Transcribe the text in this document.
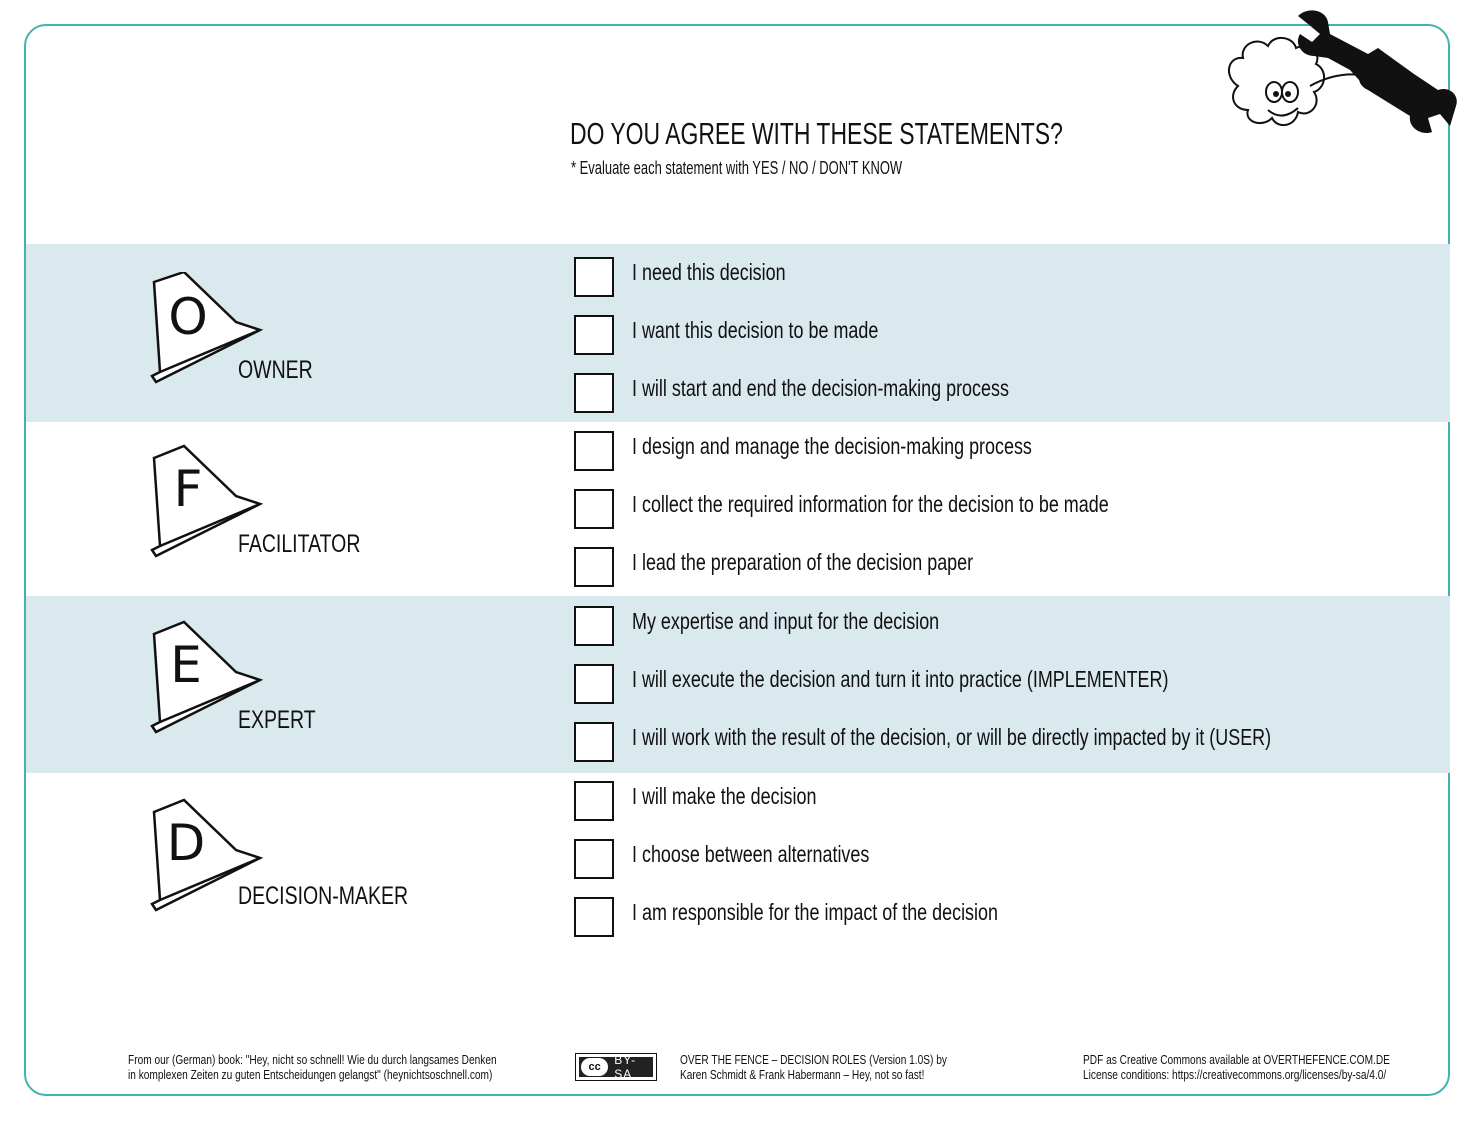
DO YOU AGREE WITH THESE STATEMENTS?
* Evaluate each statement with YES / NO / DON'T KNOW
O
OWNER
F
FACILITATOR
E
EXPERT
D
DECISION-MAKER
I need this decision
I want this decision to be made
I will start and end the decision-making process
I design and manage the decision-making process
I collect the required information for the decision to be made
I lead the preparation of the decision paper
My expertise and input for the decision
I will execute the decision and turn it into practice (IMPLEMENTER)
I will work with the result of the decision, or will be directly impacted by it (USER)
I will make the decision
I choose between alternatives
I am responsible for the impact of the decision
From our (German) book: "Hey, nicht so schnell! Wie du durch langsames Denken
in komplexen Zeiten zu guten Entscheidungen gelangst" (heynichtsoschnell.com)	cc	BY-SA
OVER THE FENCE – DECISION ROLES (Version 1.0S) by
Karen Schmidt & Frank Habermann – Hey, not so fast!
PDF as Creative Commons available at OVERTHEFENCE.COM.DE
License conditions: https://creativecommons.org/licenses/by-sa/4.0/
